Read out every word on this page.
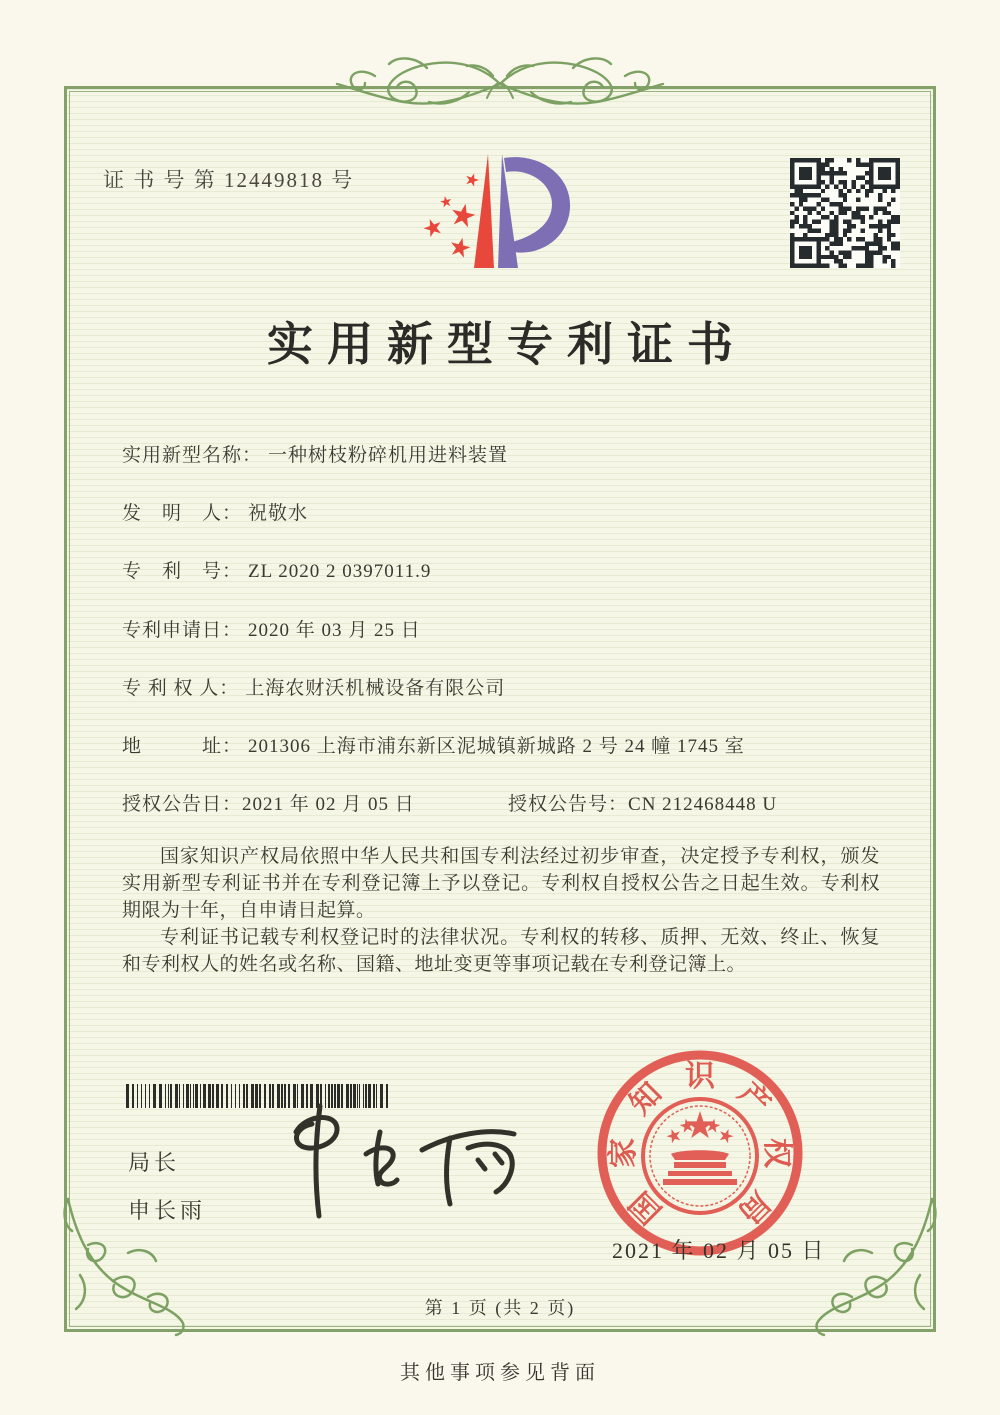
证 书 号 第 12449818 号
实用新型专利证书
实用新型名称： 一种树枝粉碎机用进料装置
发　明　人： 祝敬水
专　利　号： ZL 2020 2 0397011.9
专利申请日： 2020 年 03 月 25 日
专 利 权 人： 上海农财沃机械设备有限公司
地　　　址： 201306 上海市浦东新区泥城镇新城路 2 号 24 幢 1745 室
授权公告日：2021 年 02 月 05 日	授权公告号：CN 212468448 U

国家知识产权局依照中华人民共和国专利法经过初步审查，决定授予专利权，颁发实用新型专利证书并在专利登记簿上予以登记。专利权自授权公告之日起生效。专利权期限为十年，自申请日起算。

专利证书记载专利权登记时的法律状况。专利权的转移、质押、无效、终止、恢复和专利权人的姓名或名称、国籍、地址变更等事项记载在专利登记簿上。

局长
申长雨	国
家
知
识
产
权
局
2021 年 02 月 05 日
第 1 页 (共 2 页)
其他事项参见背面
